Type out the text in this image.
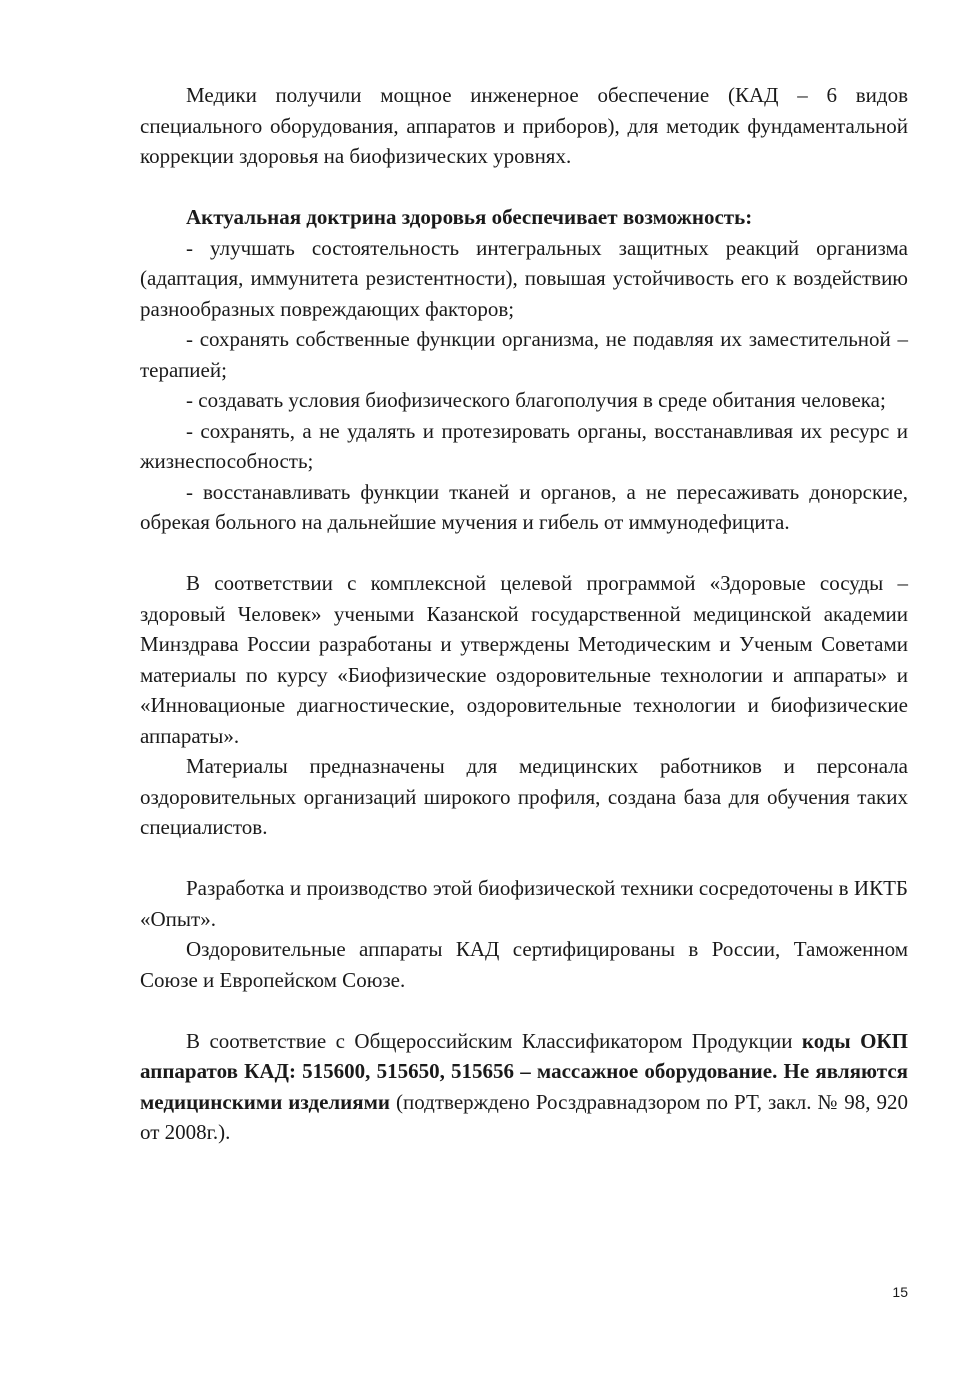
Медики получили мощное инженерное обеспечение (КАД – 6 видов специального оборудования, аппаратов и приборов), для методик фундаментальной коррекции здоровья на биофизических уровнях.

Актуальная доктрина здоровья обеспечивает возможность:

- улучшать состоятельность интегральных защитных реакций организма (адаптация, иммунитета резистентности), повышая устойчивость его к воздействию разнообразных повреждающих факторов;

- сохранять собственные функции организма, не подавляя их заместительной – терапией;

- создавать условия биофизического благополучия в среде обитания человека;

- сохранять, а не удалять и протезировать органы, восстанавливая их ресурс и жизнеспособность;

- восстанавливать функции тканей и органов, а не пересаживать донорские, обрекая больного на дальнейшие мучения и гибель от иммунодефицита.

В соответствии с комплексной целевой программой «Здоровые сосуды – здоровый Человек» учеными Казанской государственной медицинской академии Минздрава России разработаны и утверждены Методическим и Ученым Советами материалы по курсу «Биофизические оздоровительные технологии и аппараты» и «Инновационые диагностические, оздоровительные технологии и биофизические аппараты».

Материалы предназначены для медицинских работников и персонала оздоровительных организаций широкого профиля, создана база для обучения таких специалистов.

Разработка и производство этой биофизической техники сосредоточены в ИКТБ «Опыт».

Оздоровительные аппараты КАД сертифицированы в России, Таможенном Союзе и Европейском Союзе.

В соответствие с Общероссийским Классификатором Продукции коды ОКП аппаратов КАД: 515600, 515650, 515656 – массажное оборудование. Не являются медицинскими изделиями (подтверждено Росздравнадзором по РТ, закл. № 98, 920 от 2008г.).

15
